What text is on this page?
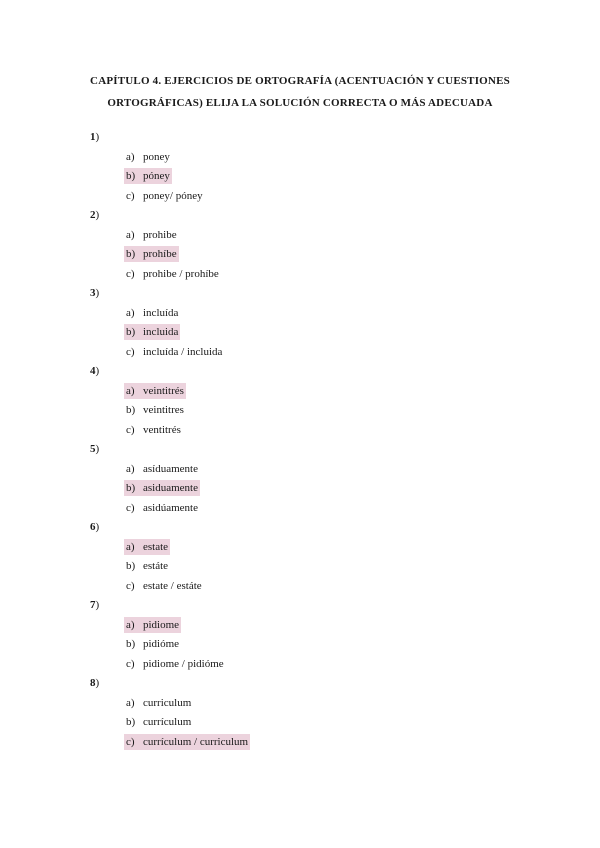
CAPÍTULO 4. EJERCICIOS DE ORTOGRAFÍA (ACENTUACIÓN Y CUESTIONES
ORTOGRÁFICAS) ELIJA LA SOLUCIÓN CORRECTA O MÁS ADECUADA
1)
a) poney
b) póney
c) poney/ póney
2)
a) prohibe
b) prohíbe
c) prohibe / prohíbe
3)
a) incluída
b) incluida
c) incluída / incluida
4)
a) veintitrés
b) veintitres
c) ventitrés
5)
a) asíduamente
b) asiduamente
c) asidúamente
6)
a) estate
b) estáte
c) estate / estáte
7)
a) pidiome
b) pidióme
c) pidiome / pidióme
8)
a) curriculum
b) currículum
c) currículum / curriculum
